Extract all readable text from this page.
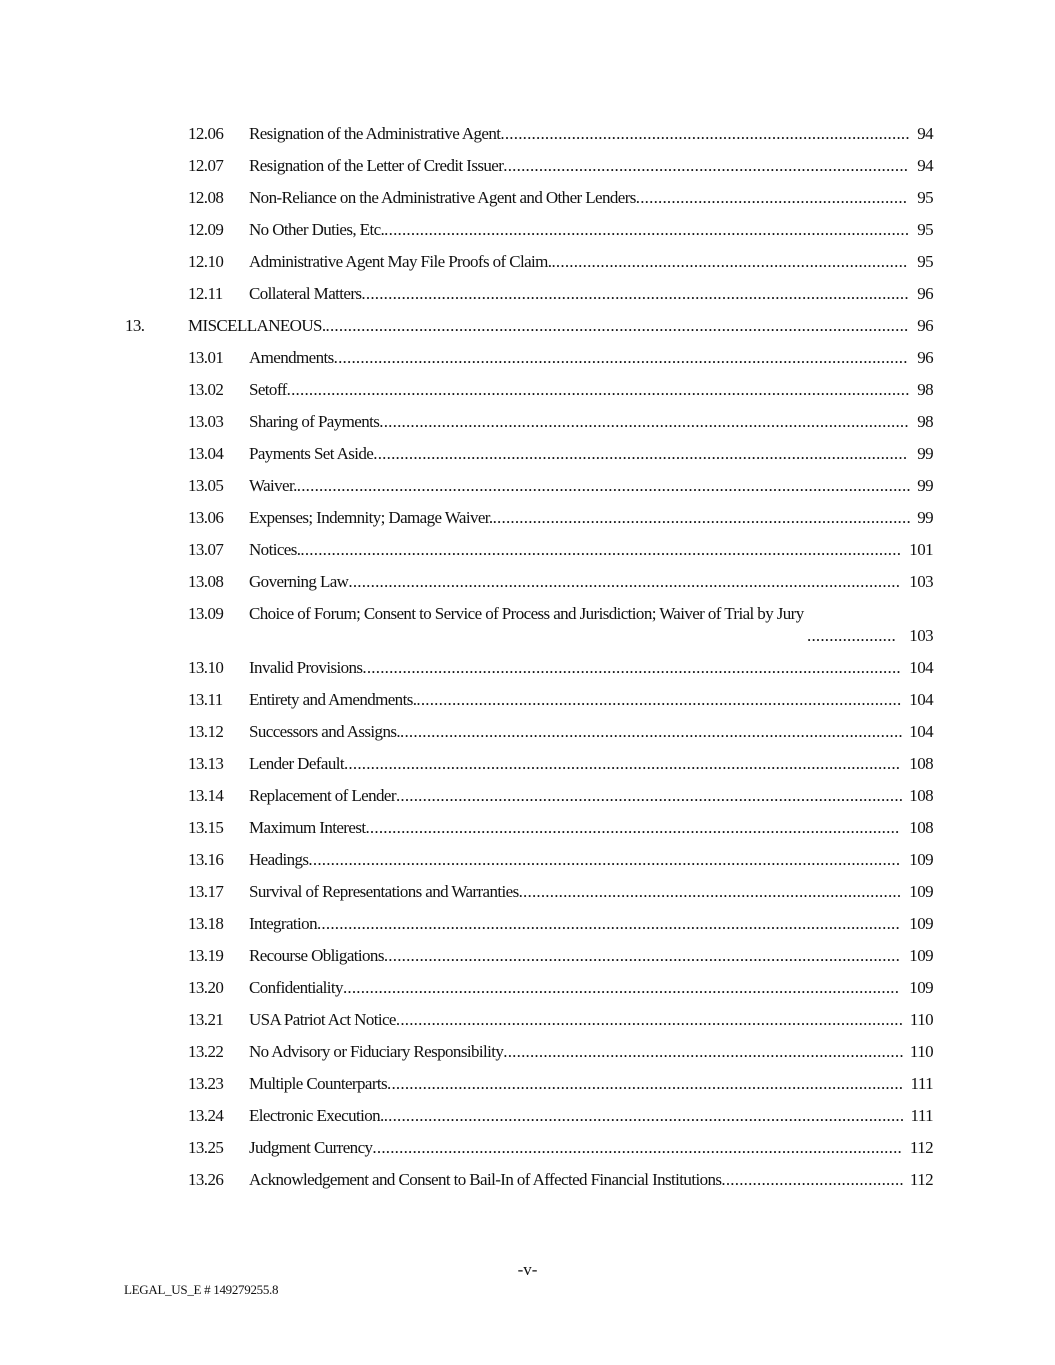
12.06 Resignation of the Administrative Agent ............................................................................................ 94
12.07 Resignation of the Letter of Credit Issuer ........................................................................................... 94
12.08 Non-Reliance on the Administrative Agent and Other Lenders ............................................................. 95
12.09 No Other Duties, Etc. ...................................................................................................................... 95
12.10 Administrative Agent May File Proofs of Claim. ................................................................................ 95
12.11 Collateral Matters ........................................................................................................................... 96
13.	MISCELLANEOUS. ................................................................................................................................... 96
13.01 Amendments ................................................................................................................................. 96
13.02 Setoff ............................................................................................................................................ 98
13.03 Sharing of Payments ....................................................................................................................... 98
13.04 Payments Set Aside ........................................................................................................................ 99
13.05 Waiver. .......................................................................................................................................... 99
13.06 Expenses; Indemnity; Damage Waiver. .............................................................................................. 99
13.07 Notices. ....................................................................................................................................... 101
13.08 Governing Law ............................................................................................................................ 103
13.09 Choice of Forum; Consent to Service of Process and Jurisdiction; Waiver of Trial by Jury
.................... 103
13.10 Invalid Provisions ......................................................................................................................... 104
13.11 Entirety and Amendments. ............................................................................................................. 104
13.12 Successors and Assigns. ................................................................................................................. 104
13.13 Lender Default ............................................................................................................................. 108
13.14 Replacement of Lender .................................................................................................................. 108
13.15 Maximum Interest ........................................................................................................................ 108
13.16 Headings ..................................................................................................................................... 109
13.17 Survival of Representations and Warranties ...................................................................................... 109
13.18 Integration ................................................................................................................................... 109
13.19 Recourse Obligations .................................................................................................................... 109
13.20 Confidentiality ............................................................................................................................. 109
13.21 USA Patriot Act Notice .................................................................................................................. 110
13.22 No Advisory or Fiduciary Responsibility .......................................................................................... 110
13.23 Multiple Counterparts .................................................................................................................... 111
13.24 Electronic Execution. ..................................................................................................................... 111
13.25 Judgment Currency ....................................................................................................................... 112
13.26 Acknowledgement and Consent to Bail-In of Affected Financial Institutions ......................................... 112
-v-
LEGAL_US_E # 149279255.8
